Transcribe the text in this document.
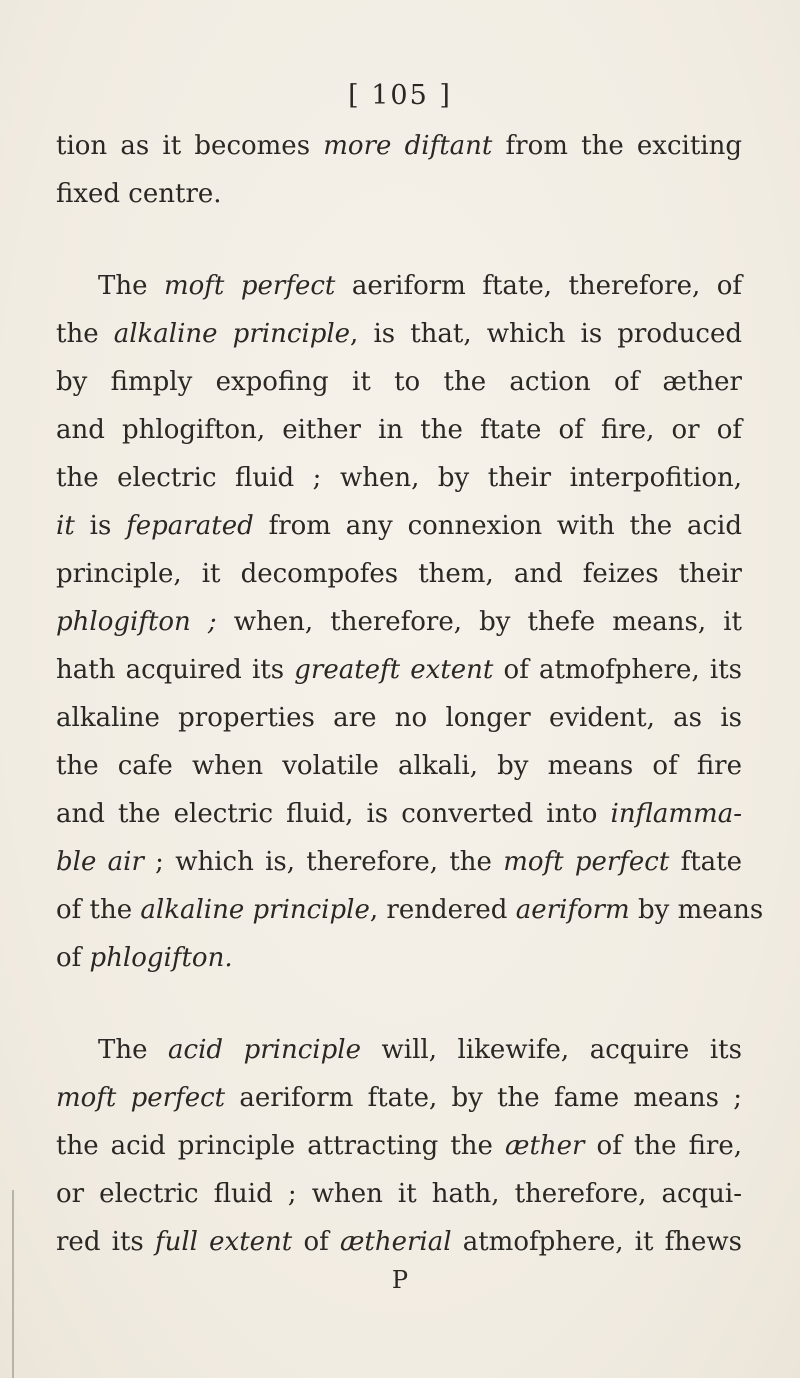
[ 105 ]
tion as it becomes more diftant from the exciting
fixed centre.
The moft perfect aeriform ftate, therefore, of
the alkaline principle, is that, which is produced
by fimply expofing it to the action of æther
and phlogifton, either in the ftate of fire, or of
the electric fluid ; when, by their interpofition,
it is feparated from any connexion with the acid
principle, it decompofes them, and feizes their
phlogifton ; when, therefore, by thefe means, it
hath acquired its greateft extent of atmofphere, its
alkaline properties are no longer evident, as is
the cafe when volatile alkali, by means of fire
and the electric fluid, is converted into inflamma-
ble air ; which is, therefore, the moft perfect ftate
of the alkaline principle, rendered aeriform by means
of phlogifton.
The acid principle will, likewife, acquire its
moft perfect aeriform ftate, by the fame means ;
the acid principle attracting the æther of the fire,
or electric fluid ; when it hath, therefore, acqui-
red its full extent of ætherial atmofphere, it fhews
P
